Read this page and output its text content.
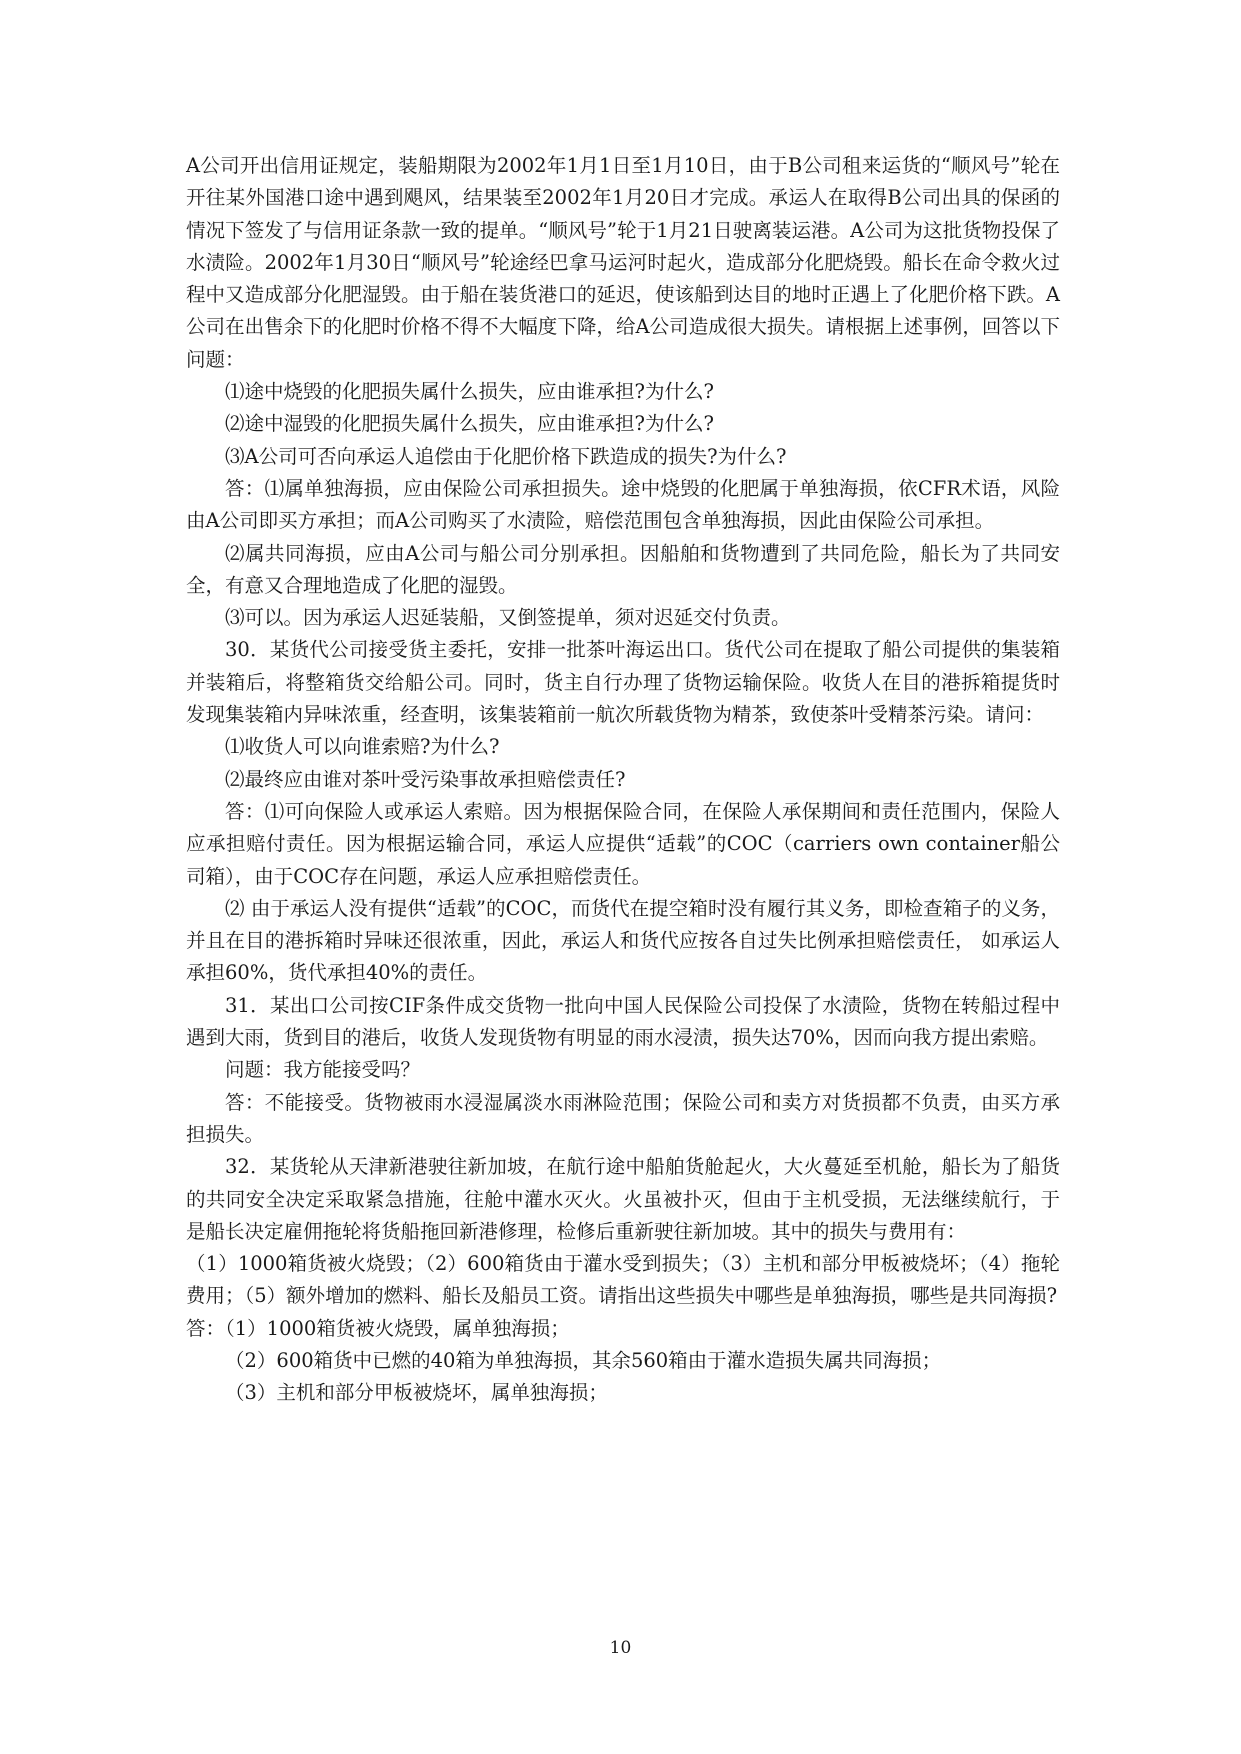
A公司开出信用证规定，装船期限为2002年1月1日至1月10日，由于B公司租来运货的“顺风号”轮在开往某外国港口途中遇到飓风，结果装至2002年1月20日才完成。承运人在取得B公司出具的保函的情况下签发了与信用证条款一致的提单。“顺风号”轮于1月21日驶离装运港。A公司为这批货物投保了水渍险。2002年1月30日“顺风号”轮途经巴拿马运河时起火，造成部分化肥烧毁。船长在命令救火过程中又造成部分化肥湿毁。由于船在装货港口的延迟，使该船到达目的地时正遇上了化肥价格下跌。A公司在出售余下的化肥时价格不得不大幅度下降，给A公司造成很大损失。请根据上述事例，回答以下问题：

⑴途中烧毁的化肥损失属什么损失，应由谁承担?为什么?

⑵途中湿毁的化肥损失属什么损失，应由谁承担?为什么?

⑶A公司可否向承运人追偿由于化肥价格下跌造成的损失?为什么?

答：⑴属单独海损，应由保险公司承担损失。途中烧毁的化肥属于单独海损，依CFR术语，风险由A公司即买方承担；而A公司购买了水渍险，赔偿范围包含单独海损，因此由保险公司承担。

⑵属共同海损，应由A公司与船公司分别承担。因船舶和货物遭到了共同危险，船长为了共同安全，有意又合理地造成了化肥的湿毁。

⑶可以。因为承运人迟延装船，又倒签提单，须对迟延交付负责。

30．某货代公司接受货主委托，安排一批茶叶海运出口。货代公司在提取了船公司提供的集装箱并装箱后，将整箱货交给船公司。同时，货主自行办理了货物运输保险。收货人在目的港拆箱提货时发现集装箱内异味浓重，经查明，该集装箱前一航次所载货物为精茶，致使茶叶受精茶污染。请问：

⑴收货人可以向谁索赔?为什么?

⑵最终应由谁对茶叶受污染事故承担赔偿责任?

答：⑴可向保险人或承运人索赔。因为根据保险合同，在保险人承保期间和责任范围内，保险人应承担赔付责任。因为根据运输合同，承运人应提供“适载”的COC（carriers own container船公司箱），由于COC存在问题，承运人应承担赔偿责任。

⑵ 由于承运人没有提供“适载”的COC，而货代在提空箱时没有履行其义务，即检查箱子的义务，并且在目的港拆箱时异味还很浓重，因此，承运人和货代应按各自过失比例承担赔偿责任， 如承运人承担60%，货代承担40%的责任。

31．某出口公司按CIF条件成交货物一批向中国人民保险公司投保了水渍险，货物在转船过程中遇到大雨，货到目的港后，收货人发现货物有明显的雨水浸渍，损失达70%，因而向我方提出索赔。

问题：我方能接受吗？

答：不能接受。货物被雨水浸湿属淡水雨淋险范围；保险公司和卖方对货损都不负责，由买方承担损失。

32．某货轮从天津新港驶往新加坡，在航行途中船舶货舱起火，大火蔓延至机舱，船长为了船货的共同安全决定采取紧急措施，往舱中灌水灭火。火虽被扑灭，但由于主机受损，无法继续航行，于是船长决定雇佣拖轮将货船拖回新港修理，检修后重新驶往新加坡。其中的损失与费用有：

（1）1000箱货被火烧毁；（2）600箱货由于灌水受到损失；（3）主机和部分甲板被烧坏；（4）拖轮费用；（5）额外增加的燃料、船长及船员工资。请指出这些损失中哪些是单独海损，哪些是共同海损?

答：（1）1000箱货被火烧毁，属单独海损；

（2）600箱货中已燃的40箱为单独海损，其余560箱由于灌水造损失属共同海损；

（3）主机和部分甲板被烧坏，属单独海损；

10
